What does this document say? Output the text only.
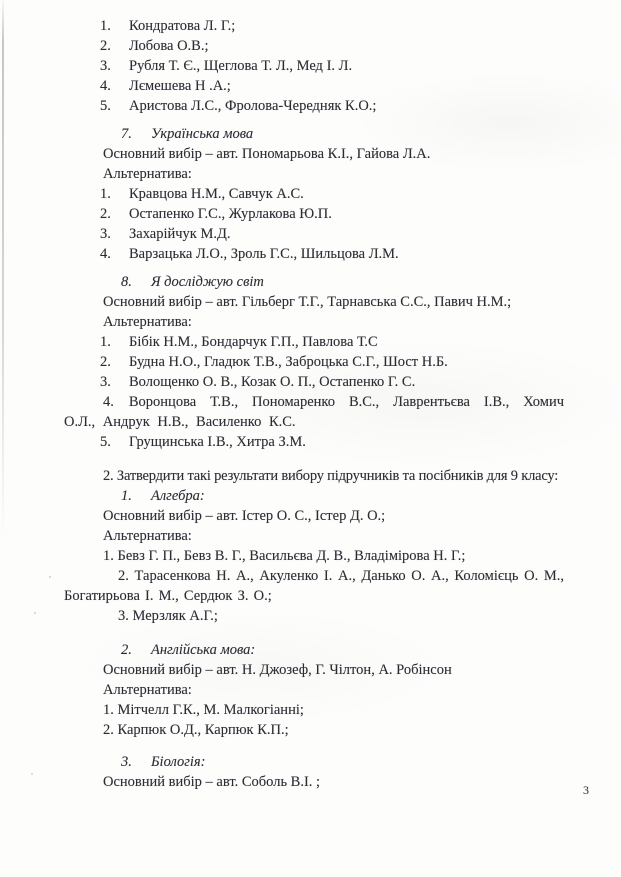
1.	Кондратова Л. Г.;
2.	Лобова О.В.;
3.	Рубля Т. Є., Щеглова Т. Л., Мед І. Л.
4.	Лємешева Н .А.;
5.	Аристова Л.С., Фролова-Чередняк К.О.;
7.	Українська мова
Основний вибір – авт. Пономарьова К.І., Гайова Л.А.
Альтернатива:
1.	Кравцова Н.М., Савчук А.С.
2.	Остапенко Г.С., Журлакова Ю.П.
3.	Захарійчук М.Д.
4.	Варзацька Л.О., Зроль Г.С., Шильцова Л.М.
8.	Я досліджую світ
Основний вибір – авт. Гільберг Т.Г., Тарнавська С.С., Павич Н.М.;
Альтернатива:
1.	Бібік Н.М., Бондарчук Г.П., Павлова Т.С
2.	Будна Н.О., Гладюк Т.В., Заброцька С.Г., Шост Н.Б.
3.	Волощенко О. В., Козак О. П., Остапенко Г. С.
4. Воронцова Т.В., Пономаренко В.С., Лаврентьєва І.В., Хомич О.Л., Андрук Н.В., Василенко К.С.
5.	Грущинська І.В., Хитра З.М.
2. Затвердити такі результати вибору підручників та посібників для 9 класу:
1.	Алгебра:
Основний вибір – авт. Істер О. С., Істер Д. О.;
Альтернатива:
1. Бевз Г. П., Бевз В. Г., Васильєва Д. В., Владімірова Н. Г.;
2. Тарасенкова Н. А., Акуленко І. А., Данько О. А., Коломієць О. М., Богатирьова І. М., Сердюк З. О.;
3. Мерзляк А.Г.;
2.	Англійська мова:
Основний вибір – авт. Н. Джозеф, Г. Чілтон, А. Робінсон
Альтернатива:
1. Мітчелл Г.К., М. Малкогіанні;
2. Карпюк О.Д., Карпюк К.П.;
3.	Біологія:
Основний вибір – авт. Соболь В.І. ;	3
